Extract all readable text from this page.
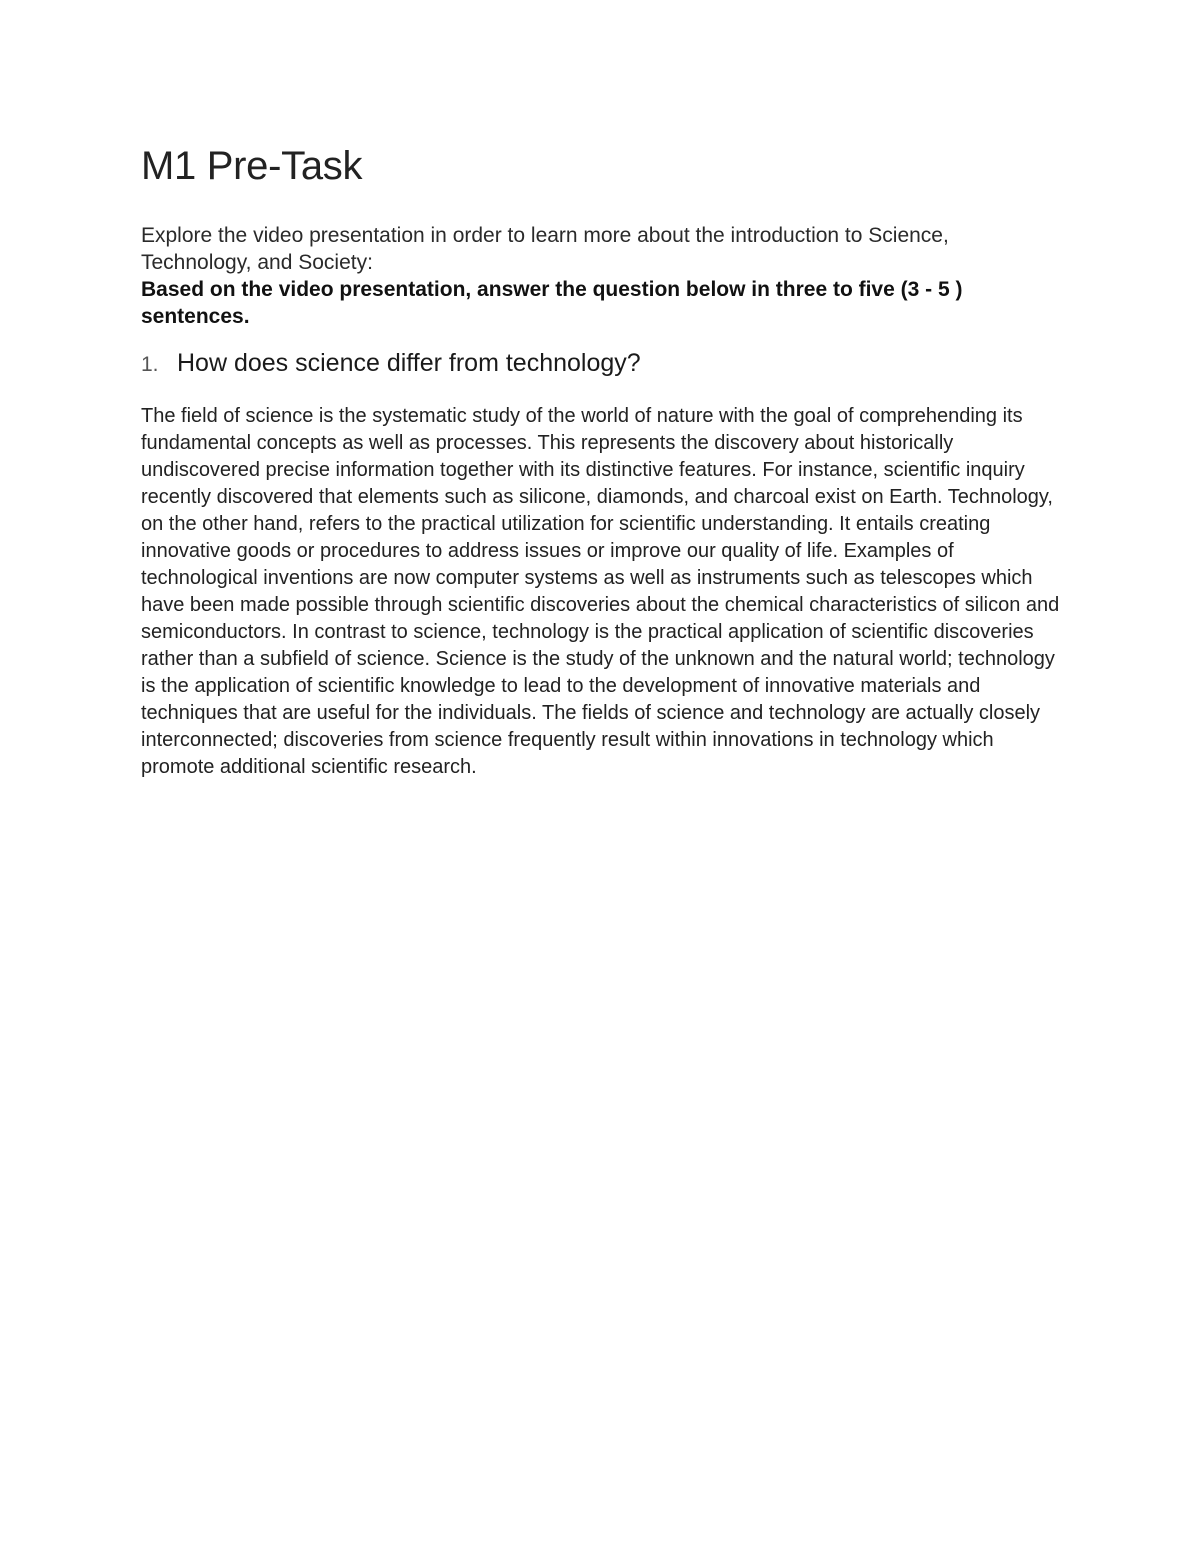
M1 Pre-Task

Explore the video presentation in order to learn more about the introduction to Science, Technology, and Society:

Based on the video presentation, answer the question below in three to five (3 - 5 ) sentences.

1. How does science differ from technology?

The field of science is the systematic study of the world of nature with the goal of comprehending its fundamental concepts as well as processes. This represents the discovery about historically undiscovered precise information together with its distinctive features. For instance, scientific inquiry recently discovered that elements such as silicone, diamonds, and charcoal exist on Earth. Technology, on the other hand, refers to the practical utilization for scientific understanding. It entails creating innovative goods or procedures to address issues or improve our quality of life. Examples of technological inventions are now computer systems as well as instruments such as telescopes which have been made possible through scientific discoveries about the chemical characteristics of silicon and semiconductors. In contrast to science, technology is the practical application of scientific discoveries rather than a subfield of science. Science is the study of the unknown and the natural world; technology is the application of scientific knowledge to lead to the development of innovative materials and techniques that are useful for the individuals. The fields of science and technology are actually closely interconnected; discoveries from science frequently result within innovations in technology which promote additional scientific research.
